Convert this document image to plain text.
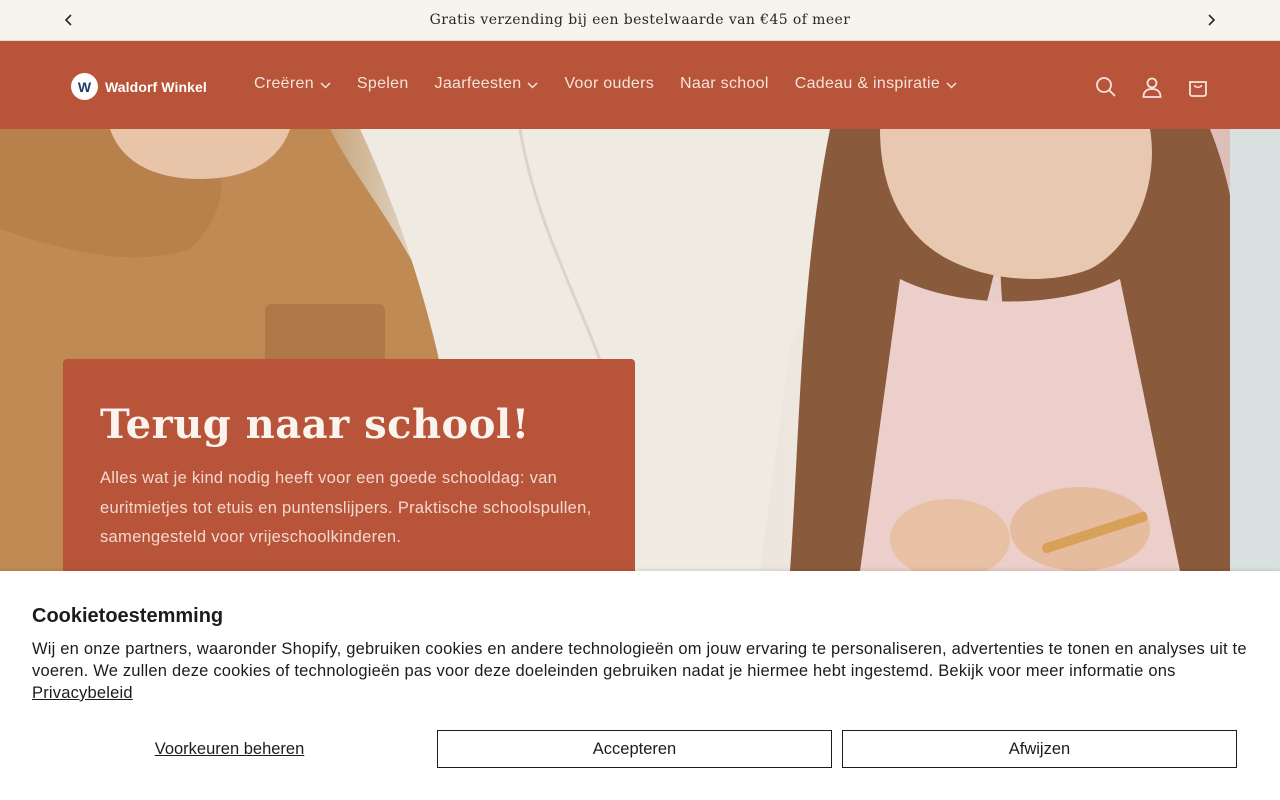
Gratis verzending bij een bestelwaarde van €45 of meer
W Waldorf Winkel	Creëren	Spelen Jaarfeesten	Voor ouders Naar school Cadeau & inspiratie
Terug naar school!

Alles wat je kind nodig heeft voor een goede schooldag: van euritmietjes tot etuis en puntenslijpers. Praktische schoolspullen, samengesteld voor vrijeschoolkinderen.

Cookietoestemming
Wij en onze partners, waaronder Shopify, gebruiken cookies en andere technologieën om jouw ervaring te personaliseren, advertenties te tonen en analyses uit te voeren. We zullen deze cookies of technologieën pas voor deze doeleinden gebruiken nadat je hiermee hebt ingestemd. Bekijk voor meer informatie ons Privacybeleid
Voorkeuren beheren	Accepteren	Afwijzen
